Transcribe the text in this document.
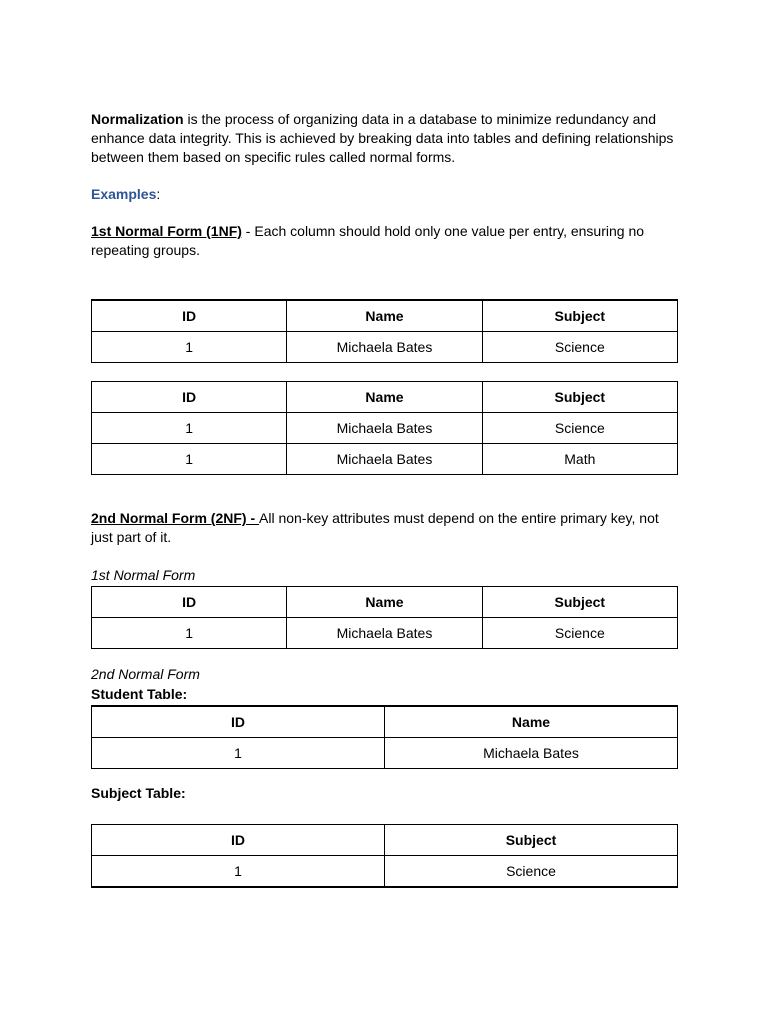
Normalization is the process of organizing data in a database to minimize redundancy and enhance data integrity. This is achieved by breaking data into tables and defining relationships between them based on specific rules called normal forms.

Examples:

1st Normal Form (1NF) - Each column should hold only one value per entry, ensuring no repeating groups.

ID	Name	Subject
1	Michaela Bates	Science
ID	Name	Subject
1	Michaela Bates	Science
1	Michaela Bates	Math

2nd Normal Form (2NF) - All non-key attributes must depend on the entire primary key, not just part of it.

1st Normal Form

ID	Name	Subject
1	Michaela Bates	Science

2nd Normal Form

Student Table:

ID	Name
1	Michaela Bates

Subject Table:

ID	Subject
1	Science
